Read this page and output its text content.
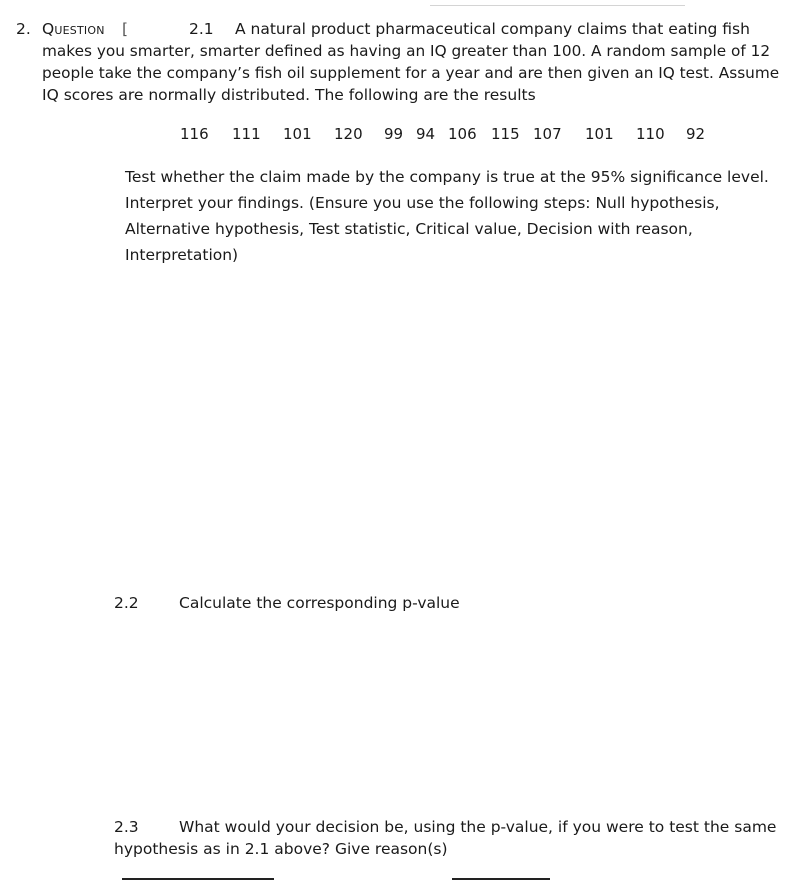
2. Question [	2.1 A natural product pharmaceutical company claims that eating fish
makes you smarter, smarter defined as having an IQ greater than 100. A random sample of 12
people take the company’s fish oil supplement for a year and are then given an IQ test. Assume
IQ scores are normally distributed. The following are the results
116 111 101 120 99 94 106 115 107 101 110 92
Test whether the claim made by the company is true at the 95% significance level.
Interpret your findings. (Ensure you use the following steps: Null hypothesis,
Alternative hypothesis, Test statistic, Critical value, Decision with reason,
Interpretation)
2.2	Calculate the corresponding p-value
2.3	What would your decision be, using the p-value, if you were to test the same
hypothesis as in 2.1 above? Give reason(s)
